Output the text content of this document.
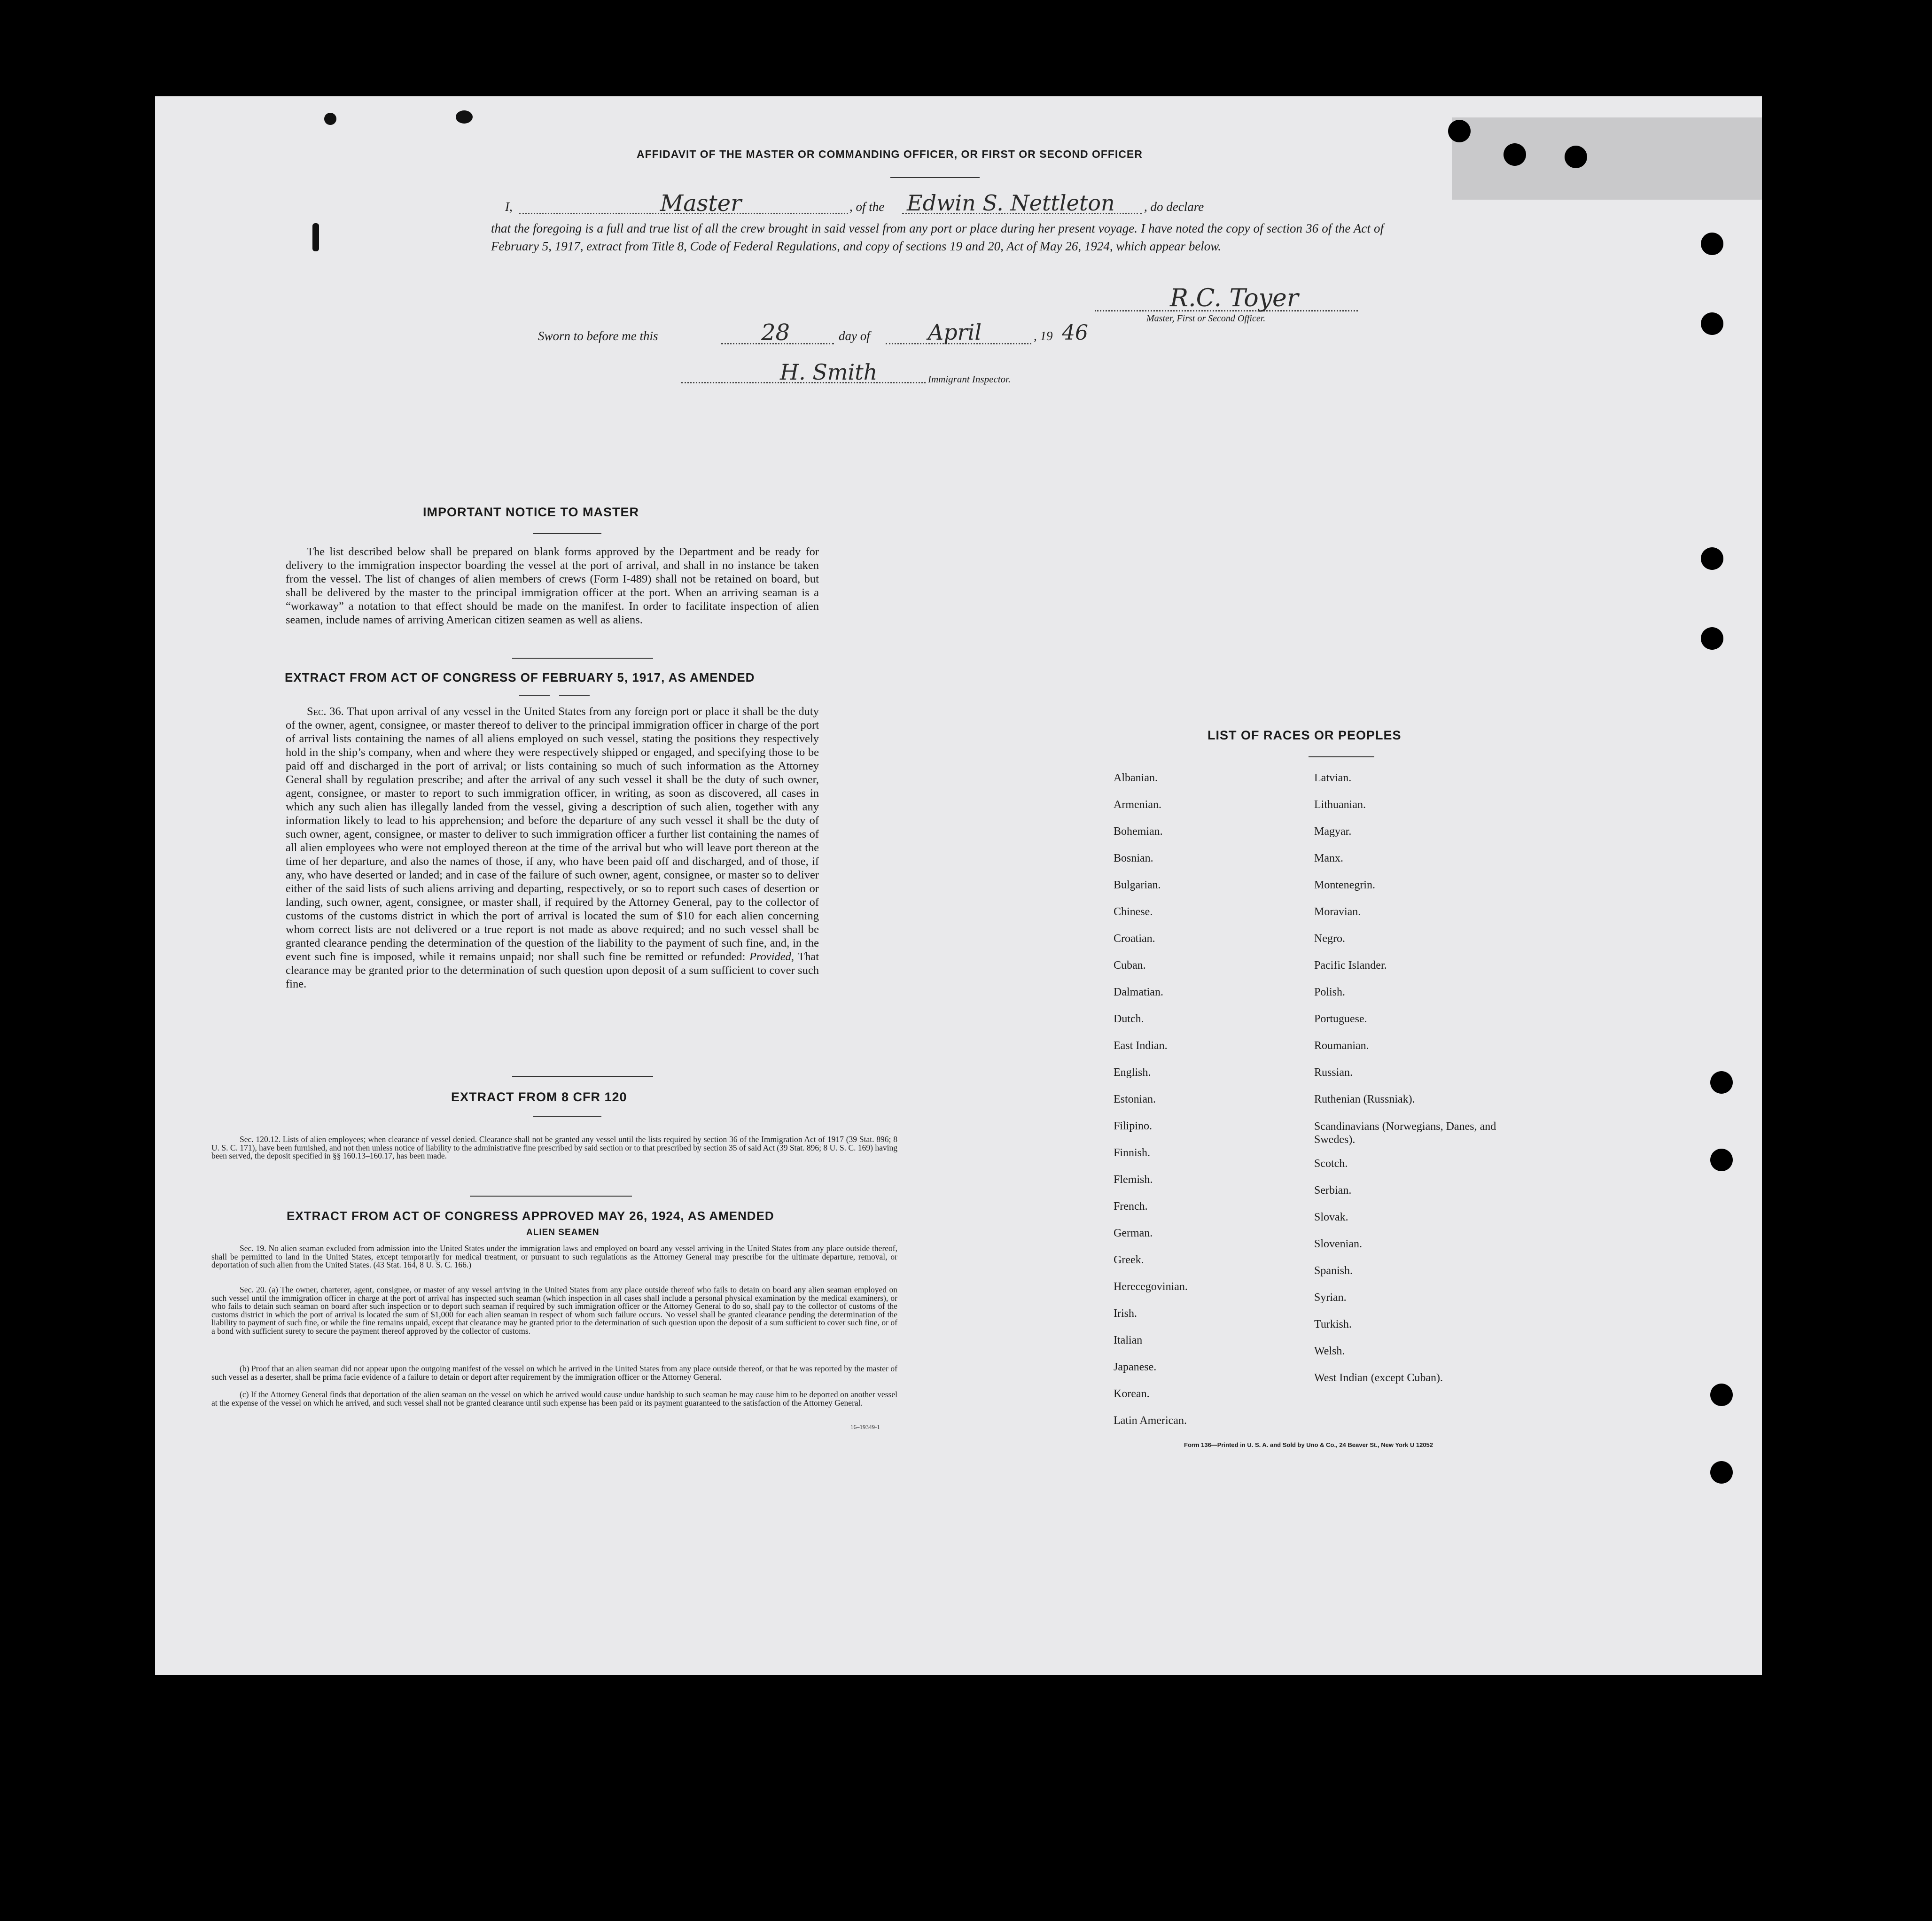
AFFIDAVIT OF THE MASTER OR COMMANDING OFFICER, OR FIRST OR SECOND OFFICER
I,	Master	, of the Edwin S. Nettleton , do declare
that the foregoing is a full and true list of all the crew brought in said vessel from any port or place during her present voyage. I have noted the copy of section 36 of the Act of February 5, 1917, extract from Title 8, Code of Federal Regulations, and copy of sections 19 and 20, Act of May 26, 1924, which appear below.
R.C. Toyer
Master, First or Second Officer.
Sworn to before me this	28	day of	April	, 19 46
H. Smith	Immigrant Inspector.
IMPORTANT NOTICE TO MASTER
The list described below shall be prepared on blank forms approved by the Department and be ready for delivery to the immigration inspector boarding the vessel at the port of arrival, and shall in no instance be taken from the vessel. The list of changes of alien members of crews (Form I-489) shall not be retained on board, but shall be delivered by the master to the principal immigration officer at the port. When an arriving seaman is a “workaway” a notation to that effect should be made on the manifest. In order to facilitate inspection of alien seamen, include names of arriving American citizen seamen as well as aliens.
EXTRACT FROM ACT OF CONGRESS OF FEBRUARY 5, 1917, AS AMENDED
Sec. 36. That upon arrival of any vessel in the United States from any foreign port or place it shall be the duty of the owner, agent, consignee, or master thereof to deliver to the principal immigration officer in charge of the port of arrival lists containing the names of all aliens employed on such vessel, stating the positions they respectively hold in the ship’s company, when and where they were respectively shipped or engaged, and specifying those to be paid off and discharged in the port of arrival; or lists containing so much of such information as the Attorney General shall by regulation prescribe; and after the arrival of any such vessel it shall be the duty of such owner, agent, consignee, or master to report to such immigration officer, in writing, as soon as discovered, all cases in which any such alien has illegally landed from the vessel, giving a description of such alien, together with any information likely to lead to his apprehension; and before the departure of any such vessel it shall be the duty of such owner, agent, consignee, or master to deliver to such immigration officer a further list containing the names of all alien employees who were not employed thereon at the time of the arrival but who will leave port thereon at the time of her departure, and also the names of those, if any, who have been paid off and discharged, and of those, if any, who have deserted or landed; and in case of the failure of such owner, agent, consignee, or master so to deliver either of the said lists of such aliens arriving and departing, respectively, or so to report such cases of desertion or landing, such owner, agent, consignee, or master shall, if required by the Attorney General, pay to the collector of customs of the customs district in which the port of arrival is located the sum of $10 for each alien concerning whom correct lists are not delivered or a true report is not made as above required; and no such vessel shall be granted clearance pending the determination of the question of the liability to the payment of such fine, and, in the event such fine is imposed, while it remains unpaid; nor shall such fine be remitted or refunded: Provided, That clearance may be granted prior to the determination of such question upon deposit of a sum sufficient to cover such fine.
EXTRACT FROM 8 CFR 120
Sec. 120.12. Lists of alien employees; when clearance of vessel denied. Clearance shall not be granted any vessel until the lists required by section 36 of the Immigration Act of 1917 (39 Stat. 896; 8 U. S. C. 171), have been furnished, and not then unless notice of liability to the administrative fine prescribed by said section or to that prescribed by section 35 of said Act (39 Stat. 896; 8 U. S. C. 169) having been served, the deposit specified in §§ 160.13–160.17, has been made.
EXTRACT FROM ACT OF CONGRESS APPROVED MAY 26, 1924, AS AMENDED
ALIEN SEAMEN
Sec. 19. No alien seaman excluded from admission into the United States under the immigration laws and employed on board any vessel arriving in the United States from any place outside thereof, shall be permitted to land in the United States, except temporarily for medical treatment, or pursuant to such regulations as the Attorney General may prescribe for the ultimate departure, removal, or deportation of such alien from the United States. (43 Stat. 164, 8 U. S. C. 166.)
Sec. 20. (a) The owner, charterer, agent, consignee, or master of any vessel arriving in the United States from any place outside thereof who fails to detain on board any alien seaman employed on such vessel until the immigration officer in charge at the port of arrival has inspected such seaman (which inspection in all cases shall include a personal physical examination by the medical examiners), or who fails to detain such seaman on board after such inspection or to deport such seaman if required by such immigration officer or the Attorney General to do so, shall pay to the collector of customs of the customs district in which the port of arrival is located the sum of $1,000 for each alien seaman in respect of whom such failure occurs. No vessel shall be granted clearance pending the determination of the liability to payment of such fine, or while the fine remains unpaid, except that clearance may be granted prior to the determination of such question upon the deposit of a sum sufficient to cover such fine, or of a bond with sufficient surety to secure the payment thereof approved by the collector of customs.
(b) Proof that an alien seaman did not appear upon the outgoing manifest of the vessel on which he arrived in the United States from any place outside thereof, or that he was reported by the master of such vessel as a deserter, shall be prima facie evidence of a failure to detain or deport after requirement by the immigration officer or the Attorney General.
(c) If the Attorney General finds that deportation of the alien seaman on the vessel on which he arrived would cause undue hardship to such seaman he may cause him to be deported on another vessel at the expense of the vessel on which he arrived, and such vessel shall not be granted clearance until such expense has been paid or its payment guaranteed to the satisfaction of the Attorney General.
16–19349-1
LIST OF RACES OR PEOPLES
Albanian.
Armenian.
Bohemian.
Bosnian.
Bulgarian.
Chinese.
Croatian.
Cuban.
Dalmatian.
Dutch.
East Indian.
English.
Estonian.
Filipino.
Finnish.
Flemish.
French.
German.
Greek.
Herecegovinian.
Irish.
Italian
Japanese.
Korean.
Latin American.
Latvian.
Lithuanian.
Magyar.
Manx.
Montenegrin.
Moravian.
Negro.
Pacific Islander.
Polish.
Portuguese.
Roumanian.
Russian.
Ruthenian (Russniak).
Scandinavians (Norwegians, Danes, and Swedes).
Scotch.
Serbian.
Slovak.
Slovenian.
Spanish.
Syrian.
Turkish.
Welsh.
West Indian (except Cuban).
Form 136—Printed in U. S. A. and Sold by Uno & Co., 24 Beaver St., New York U 12052
